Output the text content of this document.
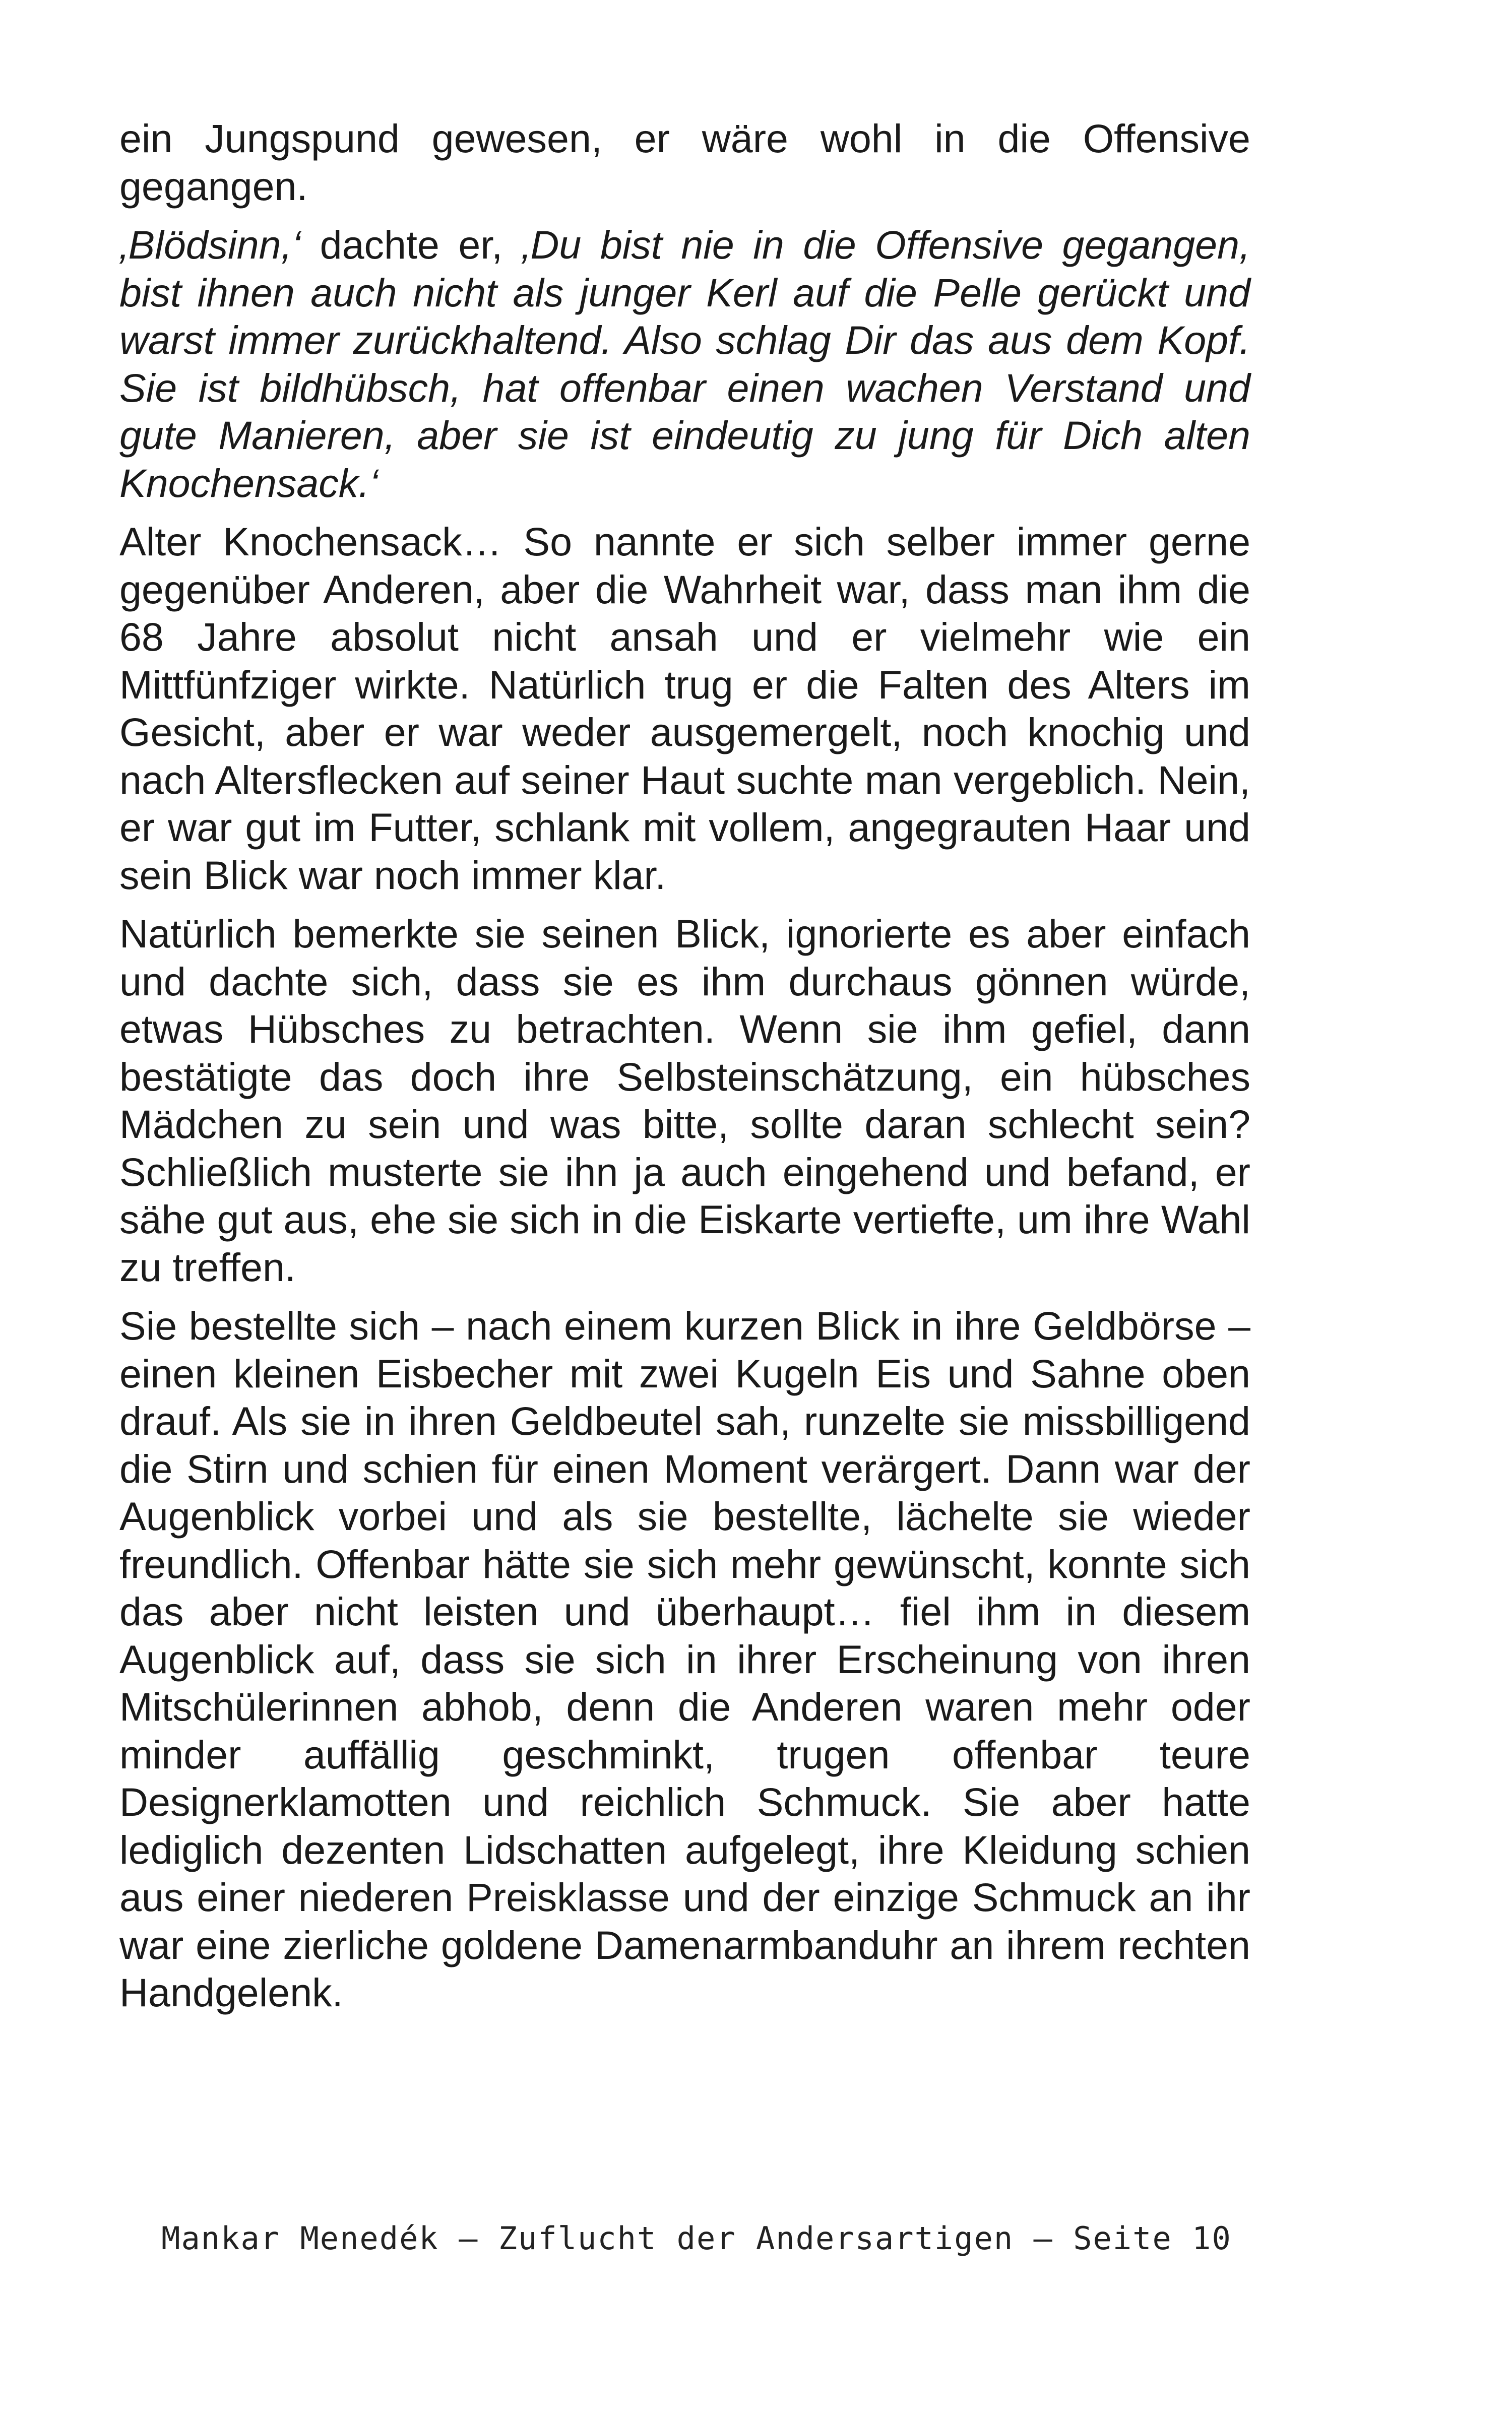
ein Jungspund gewesen, er wäre wohl in die Offensive gegangen.

‚Blödsinn,‘ dachte er, ‚Du bist nie in die Offensive gegangen, bist ihnen auch nicht als junger Kerl auf die Pelle gerückt und warst immer zurückhaltend. Also schlag Dir das aus dem Kopf. Sie ist bildhübsch, hat offenbar einen wachen Verstand und gute Manieren, aber sie ist eindeutig zu jung für Dich alten Knochensack.‘

Alter Knochensack… So nannte er sich selber immer gerne gegenüber Anderen, aber die Wahrheit war, dass man ihm die 68 Jahre absolut nicht ansah und er vielmehr wie ein Mittfünfziger wirkte. Natürlich trug er die Falten des Alters im Gesicht, aber er war weder ausgemergelt, noch knochig und nach Altersflecken auf seiner Haut suchte man vergeblich. Nein, er war gut im Futter, schlank mit vollem, angegrauten Haar und sein Blick war noch immer klar.

Natürlich bemerkte sie seinen Blick, ignorierte es aber einfach und dachte sich, dass sie es ihm durchaus gönnen würde, etwas Hübsches zu betrachten. Wenn sie ihm gefiel, dann bestätigte das doch ihre Selbsteinschätzung, ein hübsches Mädchen zu sein und was bitte, sollte daran schlecht sein? Schließlich musterte sie ihn ja auch eingehend und befand, er sähe gut aus, ehe sie sich in die Eiskarte vertiefte, um ihre Wahl zu treffen.

Sie bestellte sich – nach einem kurzen Blick in ihre Geldbörse – einen kleinen Eisbecher mit zwei Kugeln Eis und Sahne oben drauf. Als sie in ihren Geldbeutel sah, runzelte sie missbilligend die Stirn und schien für einen Moment verärgert. Dann war der Augenblick vorbei und als sie bestellte, lächelte sie wieder freundlich. Offenbar hätte sie sich mehr gewünscht, konnte sich das aber nicht leisten und überhaupt… fiel ihm in diesem Augenblick auf, dass sie sich in ihrer Erscheinung von ihren Mitschülerinnen abhob, denn die Anderen waren mehr oder minder auffällig geschminkt, trugen offenbar teure Designerklamotten und reichlich Schmuck. Sie aber hatte lediglich dezenten Lidschatten aufgelegt, ihre Kleidung schien aus einer niederen Preisklasse und der einzige Schmuck an ihr war eine zierliche goldene Damenarmbanduhr an ihrem rechten Handgelenk.

Mankar Menedék – Zuflucht der Andersartigen – Seite 10
